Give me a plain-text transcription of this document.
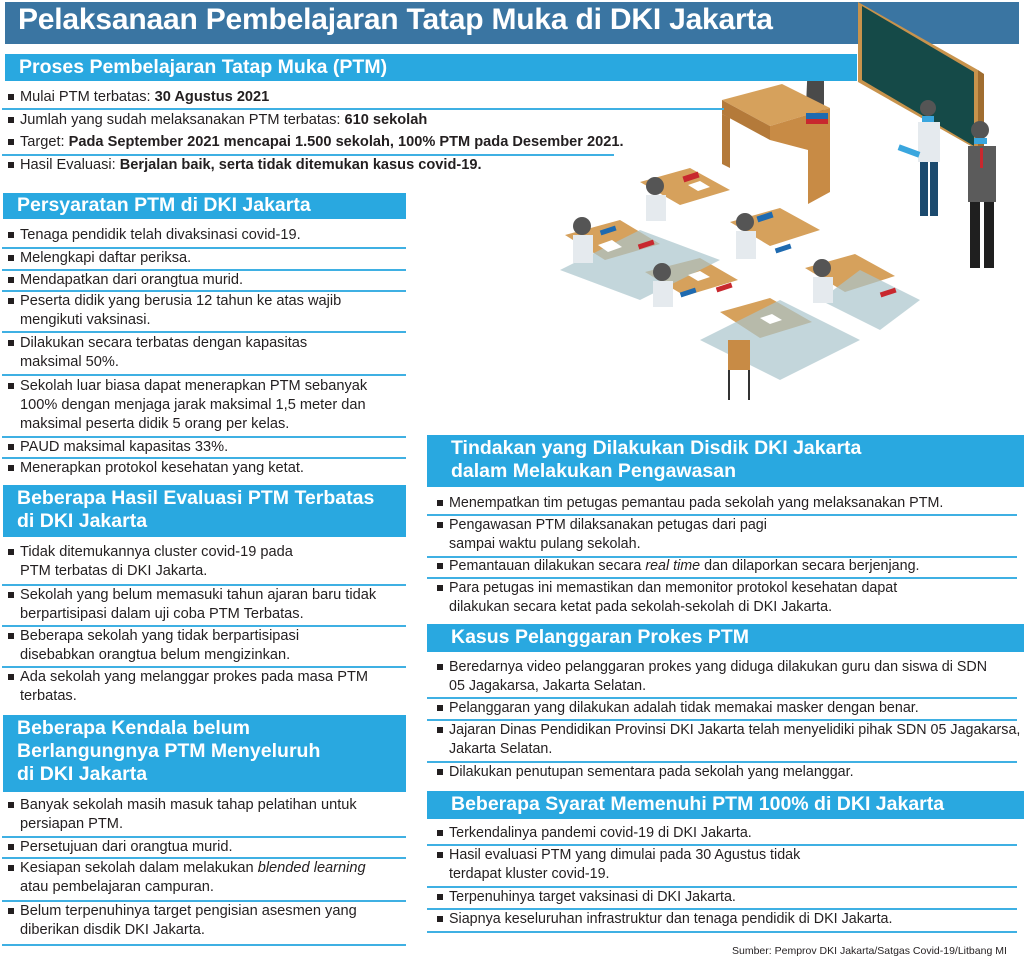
Pelaksanaan Pembelajaran Tatap Muka di DKI Jakarta
Proses Pembelajaran Tatap Muka (PTM)
Mulai PTM terbatas: 30 Agustus 2021
Jumlah yang sudah melaksanakan PTM terbatas: 610 sekolah
Target: Pada September 2021 mencapai 1.500 sekolah, 100% PTM pada Desember 2021.
Hasil Evaluasi: Berjalan baik, serta tidak ditemukan kasus covid-19.
Persyaratan PTM di DKI Jakarta
Tenaga pendidik telah divaksinasi covid-19.
Melengkapi daftar periksa.
Mendapatkan dari orangtua murid.
Peserta didik yang berusia 12 tahun ke atas wajib mengikuti vaksinasi.
Dilakukan secara terbatas dengan kapasitas maksimal 50%.
Sekolah luar biasa dapat menerapkan PTM sebanyak 100% dengan menjaga jarak maksimal 1,5 meter dan maksimal peserta didik 5 orang per kelas.
PAUD maksimal kapasitas 33%.
Menerapkan protokol kesehatan yang ketat.
Beberapa Hasil Evaluasi PTM Terbatas
di DKI Jakarta
Tidak ditemukannya cluster covid-19 pada PTM terbatas di DKI Jakarta.
Sekolah yang belum memasuki tahun ajaran baru tidak berpartisipasi dalam uji coba PTM Terbatas.
Beberapa sekolah yang tidak berpartisipasi disebabkan orangtua belum mengizinkan.
Ada sekolah yang melanggar prokes pada masa PTM terbatas.
Beberapa Kendala belum
Berlangungnya PTM Menyeluruh
di DKI Jakarta
Banyak sekolah masih masuk tahap pelatihan untuk persiapan PTM.
Persetujuan dari orangtua murid.
Kesiapan sekolah dalam melakukan blended learning atau pembelajaran campuran.
Belum terpenuhinya target pengisian asesmen yang diberikan disdik DKI Jakarta.
Tindakan yang Dilakukan Disdik DKI Jakarta
dalam Melakukan Pengawasan
Menempatkan tim petugas pemantau pada sekolah yang melaksanakan PTM.
Pengawasan PTM dilaksanakan petugas dari pagi sampai waktu pulang sekolah.
Pemantauan dilakukan secara real time dan dilaporkan secara berjenjang.
Para petugas ini memastikan dan memonitor protokol kesehatan dapat dilakukan secara ketat pada sekolah-sekolah di DKI Jakarta.
Kasus Pelanggaran Prokes PTM
Beredarnya video pelanggaran prokes yang diduga dilakukan guru dan siswa di SDN 05 Jagakarsa, Jakarta Selatan.
Pelanggaran yang dilakukan adalah tidak memakai masker dengan benar.
Jajaran Dinas Pendidikan Provinsi DKI Jakarta telah menyelidiki pihak SDN 05 Jagakarsa, Jakarta Selatan.
Dilakukan penutupan sementara pada sekolah yang melanggar.
Beberapa Syarat Memenuhi PTM 100% di DKI Jakarta
Terkendalinya pandemi covid-19 di DKI Jakarta.
Hasil evaluasi PTM yang dimulai pada 30 Agustus tidak terdapat kluster covid-19.
Terpenuhinya target vaksinasi di DKI Jakarta.
Siapnya keseluruhan infrastruktur dan tenaga pendidik di DKI Jakarta.
Sumber: Pemprov DKI Jakarta/Satgas Covid-19/Litbang MI
